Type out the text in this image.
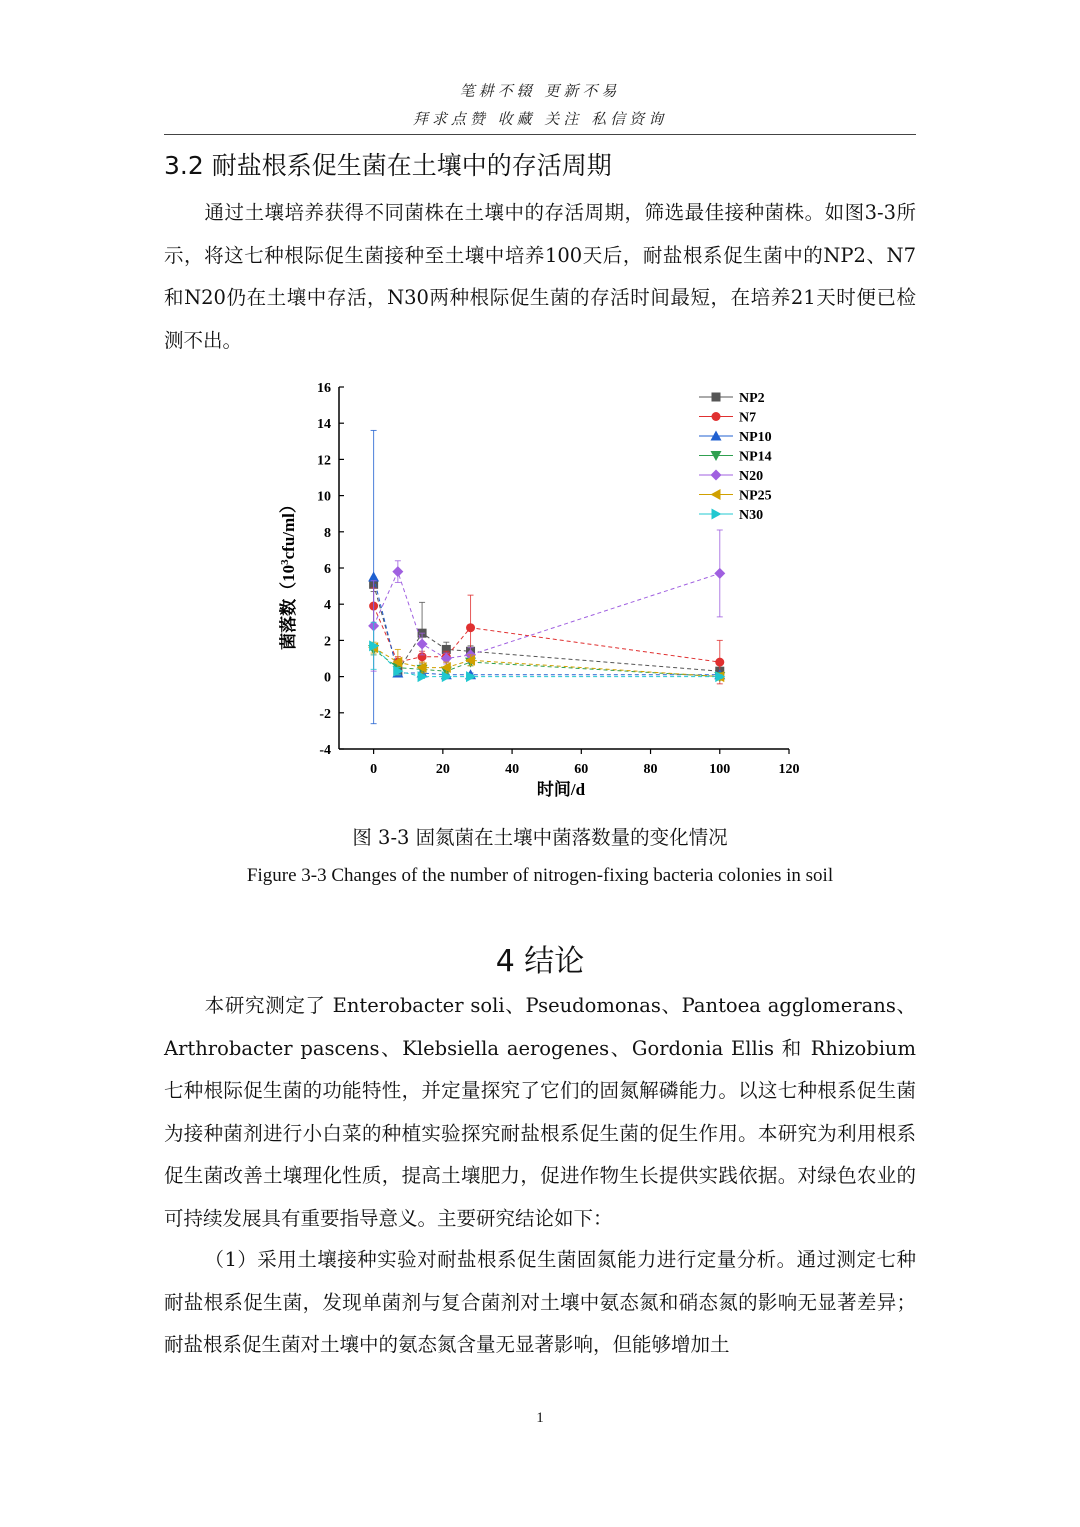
笔耕不辍 更新不易
拜求点赞 收藏 关注 私信资询
3.2 耐盐根系促生菌在土壤中的存活周期
通过土壤培养获得不同菌株在土壤中的存活周期，筛选最佳接种菌株。如图3-3所示，将这七种根际促生菌接种至土壤中培养100天后，耐盐根系促生菌中的NP2、N7和N20仍在土壤中存活，N30两种根际促生菌的存活时间最短，在培养21天时便已检测不出。
0	20	40	60	80	100	120
-4
-2
0
2
4
6
8
10
12
14
16
时间/d
菌落数$(10^3cfu/ml)$
NP2
N7
NP10
NP14
N20
NP25
N30
图 3-3 固氮菌在土壤中菌落数量的变化情况
Figure 3-3 Changes of the number of nitrogen-fixing bacteria colonies in soil
4 结论
本研究测定了 Enterobacter soli、Pseudomonas、Pantoea agglomerans、Arthrobacter pascens、Klebsiella aerogenes、Gordonia Ellis 和 Rhizobium 七种根际促生菌的功能特性，并定量探究了它们的固氮解磷能力。以这七种根系促生菌为接种菌剂进行小白菜的种植实验探究耐盐根系促生菌的促生作用。本研究为利用根系促生菌改善土壤理化性质，提高土壤肥力，促进作物生长提供实践依据。对绿色农业的可持续发展具有重要指导意义。主要研究结论如下：
（1）采用土壤接种实验对耐盐根系促生菌固氮能力进行定量分析。通过测定七种耐盐根系促生菌，发现单菌剂与复合菌剂对土壤中氨态氮和硝态氮的影响无显著差异；耐盐根系促生菌对土壤中的氨态氮含量无显著影响，但能够增加土
1
